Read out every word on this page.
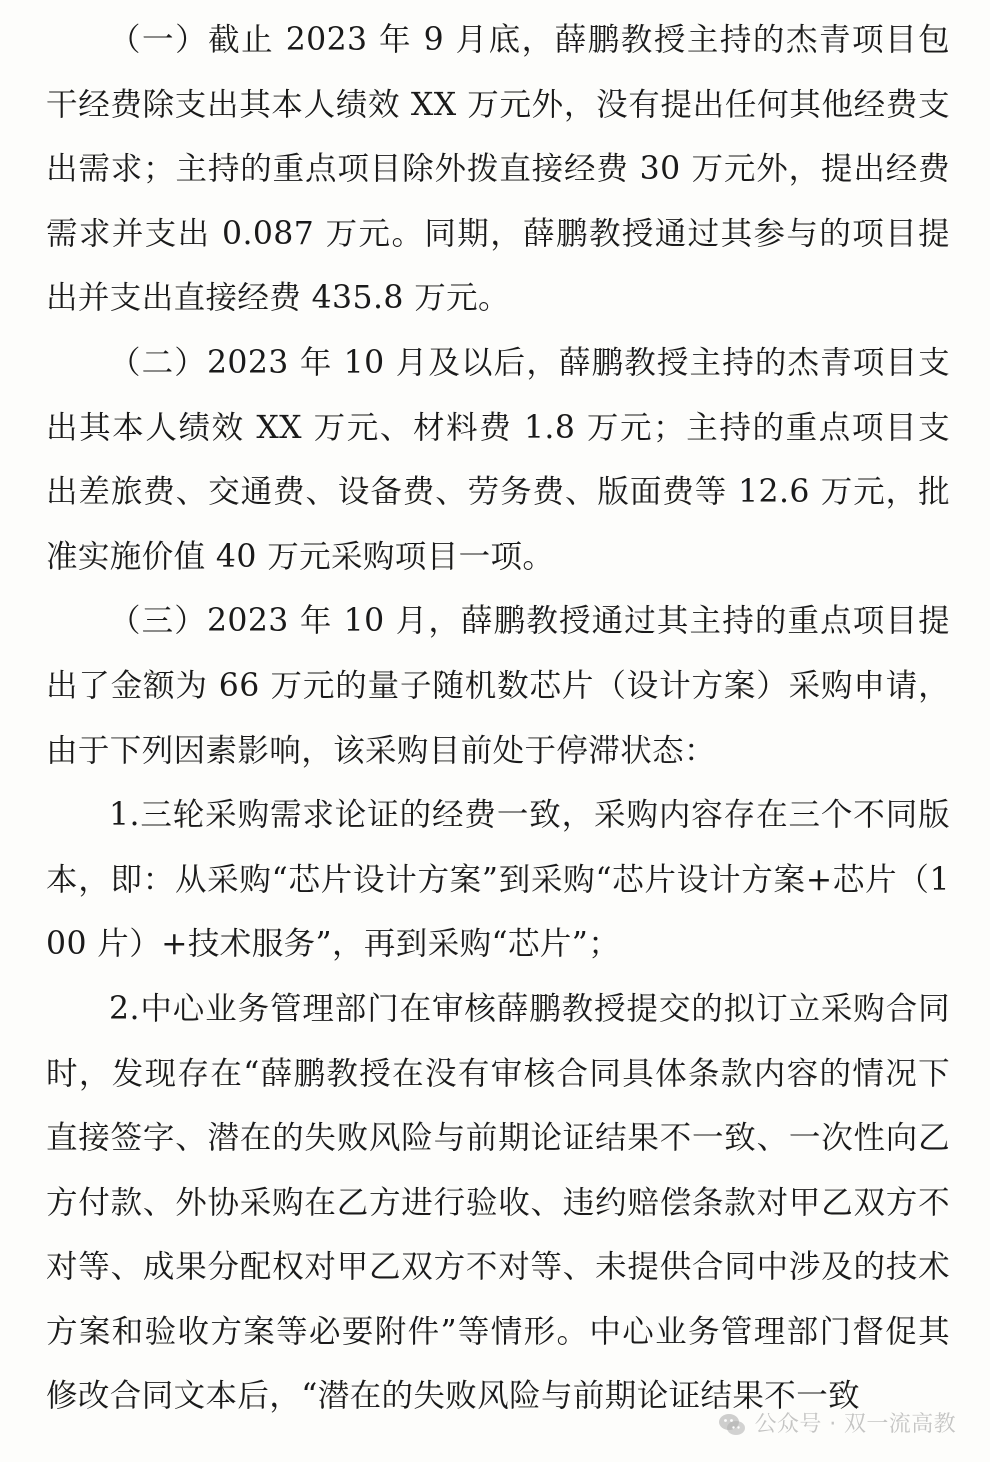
（一）截止 2023 年 9 月底，薛鹏教授主持的杰青项目包干经费除支出其本人绩效 XX 万元外，没有提出任何其他经费支出需求；主持的重点项目除外拨直接经费 30 万元外，提出经费需求并支出 0.087 万元。同期，薛鹏教授通过其参与的项目提出并支出直接经费 435.8 万元。

（二）2023 年 10 月及以后，薛鹏教授主持的杰青项目支出其本人绩效 XX 万元、材料费 1.8 万元；主持的重点项目支出差旅费、交通费、设备费、劳务费、版面费等 12.6 万元，批准实施价值 40 万元采购项目一项。

（三）2023 年 10 月，薛鹏教授通过其主持的重点项目提出了金额为 66 万元的量子随机数芯片（设计方案）采购申请，由于下列因素影响，该采购目前处于停滞状态：

1.三轮采购需求论证的经费一致，采购内容存在三个不同版本，即：从采购“芯片设计方案”到采购“芯片设计方案+芯片（100 片）+技术服务”，再到采购“芯片”；

2.中心业务管理部门在审核薛鹏教授提交的拟订立采购合同时，发现存在“薛鹏教授在没有审核合同具体条款内容的情况下直接签字、潜在的失败风险与前期论证结果不一致、一次性向乙方付款、外协采购在乙方进行验收、违约赔偿条款对甲乙双方不对等、成果分配权对甲乙双方不对等、未提供合同中涉及的技术方案和验收方案等必要附件”等情形。中心业务管理部门督促其修改合同文本后，“潜在的失败风险与前期论证结果不一致

公众号 · 双一流高教
